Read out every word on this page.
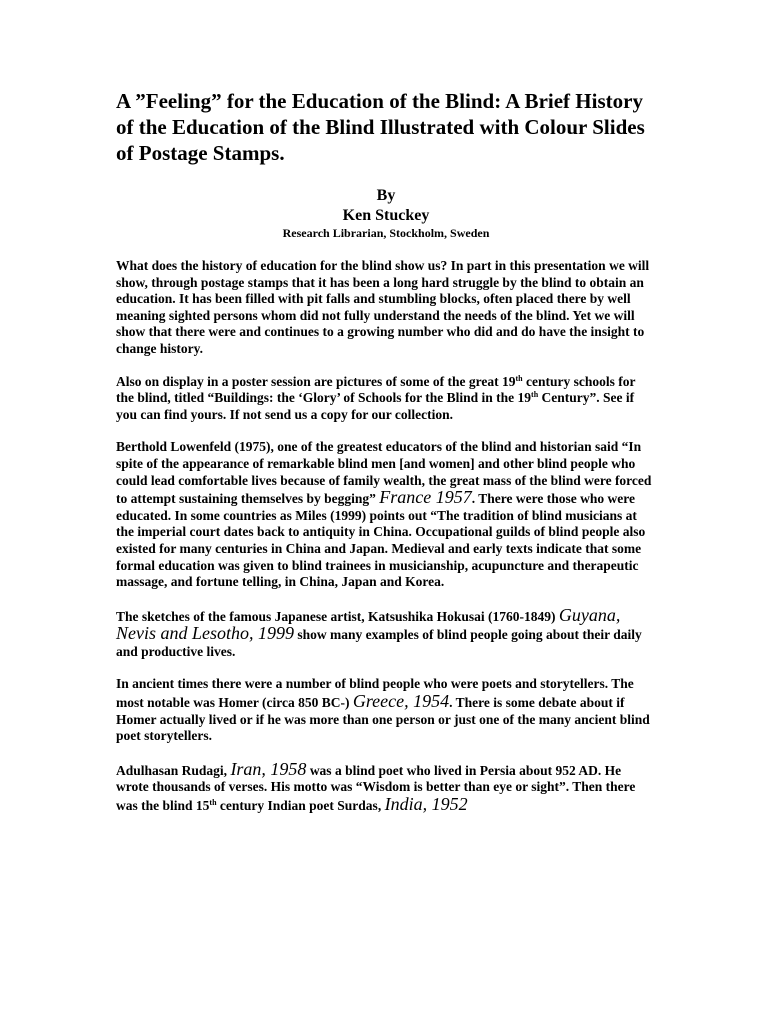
A ”Feeling” for the Education of the Blind: A Brief History of the Education of the Blind Illustrated with Colour Slides of Postage Stamps.
By
Ken Stuckey
Research Librarian, Stockholm, Sweden

What does the history of education for the blind show us? In part in this presentation we will show, through postage stamps that it has been a long hard struggle by the blind to obtain an education. It has been filled with pit falls and stumbling blocks, often placed there by well meaning sighted persons whom did not fully understand the needs of the blind. Yet we will show that there were and continues to a growing number who did and do have the insight to change history.

Also on display in a poster session are pictures of some of the great 19th century schools for the blind, titled “Buildings: the ‘Glory’ of Schools for the Blind in the 19th Century”. See if you can find yours. If not send us a copy for our collection.

Berthold Lowenfeld (1975), one of the greatest educators of the blind and historian said “In spite of the appearance of remarkable blind men [and women] and other blind people who could lead comfortable lives because of family wealth, the great mass of the blind were forced to attempt sustaining themselves by begging” France 1957. There were those who were educated. In some countries as Miles (1999) points out “The tradition of blind musicians at the imperial court dates back to antiquity in China. Occupational guilds of blind people also existed for many centuries in China and Japan. Medieval and early texts indicate that some formal education was given to blind trainees in musicianship, acupuncture and therapeutic massage, and fortune telling, in China, Japan and Korea.

The sketches of the famous Japanese artist, Katsushika Hokusai (1760-1849) Guyana, Nevis and Lesotho, 1999 show many examples of blind people going about their daily and productive lives.

In ancient times there were a number of blind people who were poets and storytellers. The most notable was Homer (circa 850 BC-) Greece, 1954. There is some debate about if Homer actually lived or if he was more than one person or just one of the many ancient blind poet storytellers.

Adulhasan Rudagi, Iran, 1958 was a blind poet who lived in Persia about 952 AD. He wrote thousands of verses. His motto was “Wisdom is better than eye or sight”. Then there was the blind 15th century Indian poet Surdas, India, 1952
